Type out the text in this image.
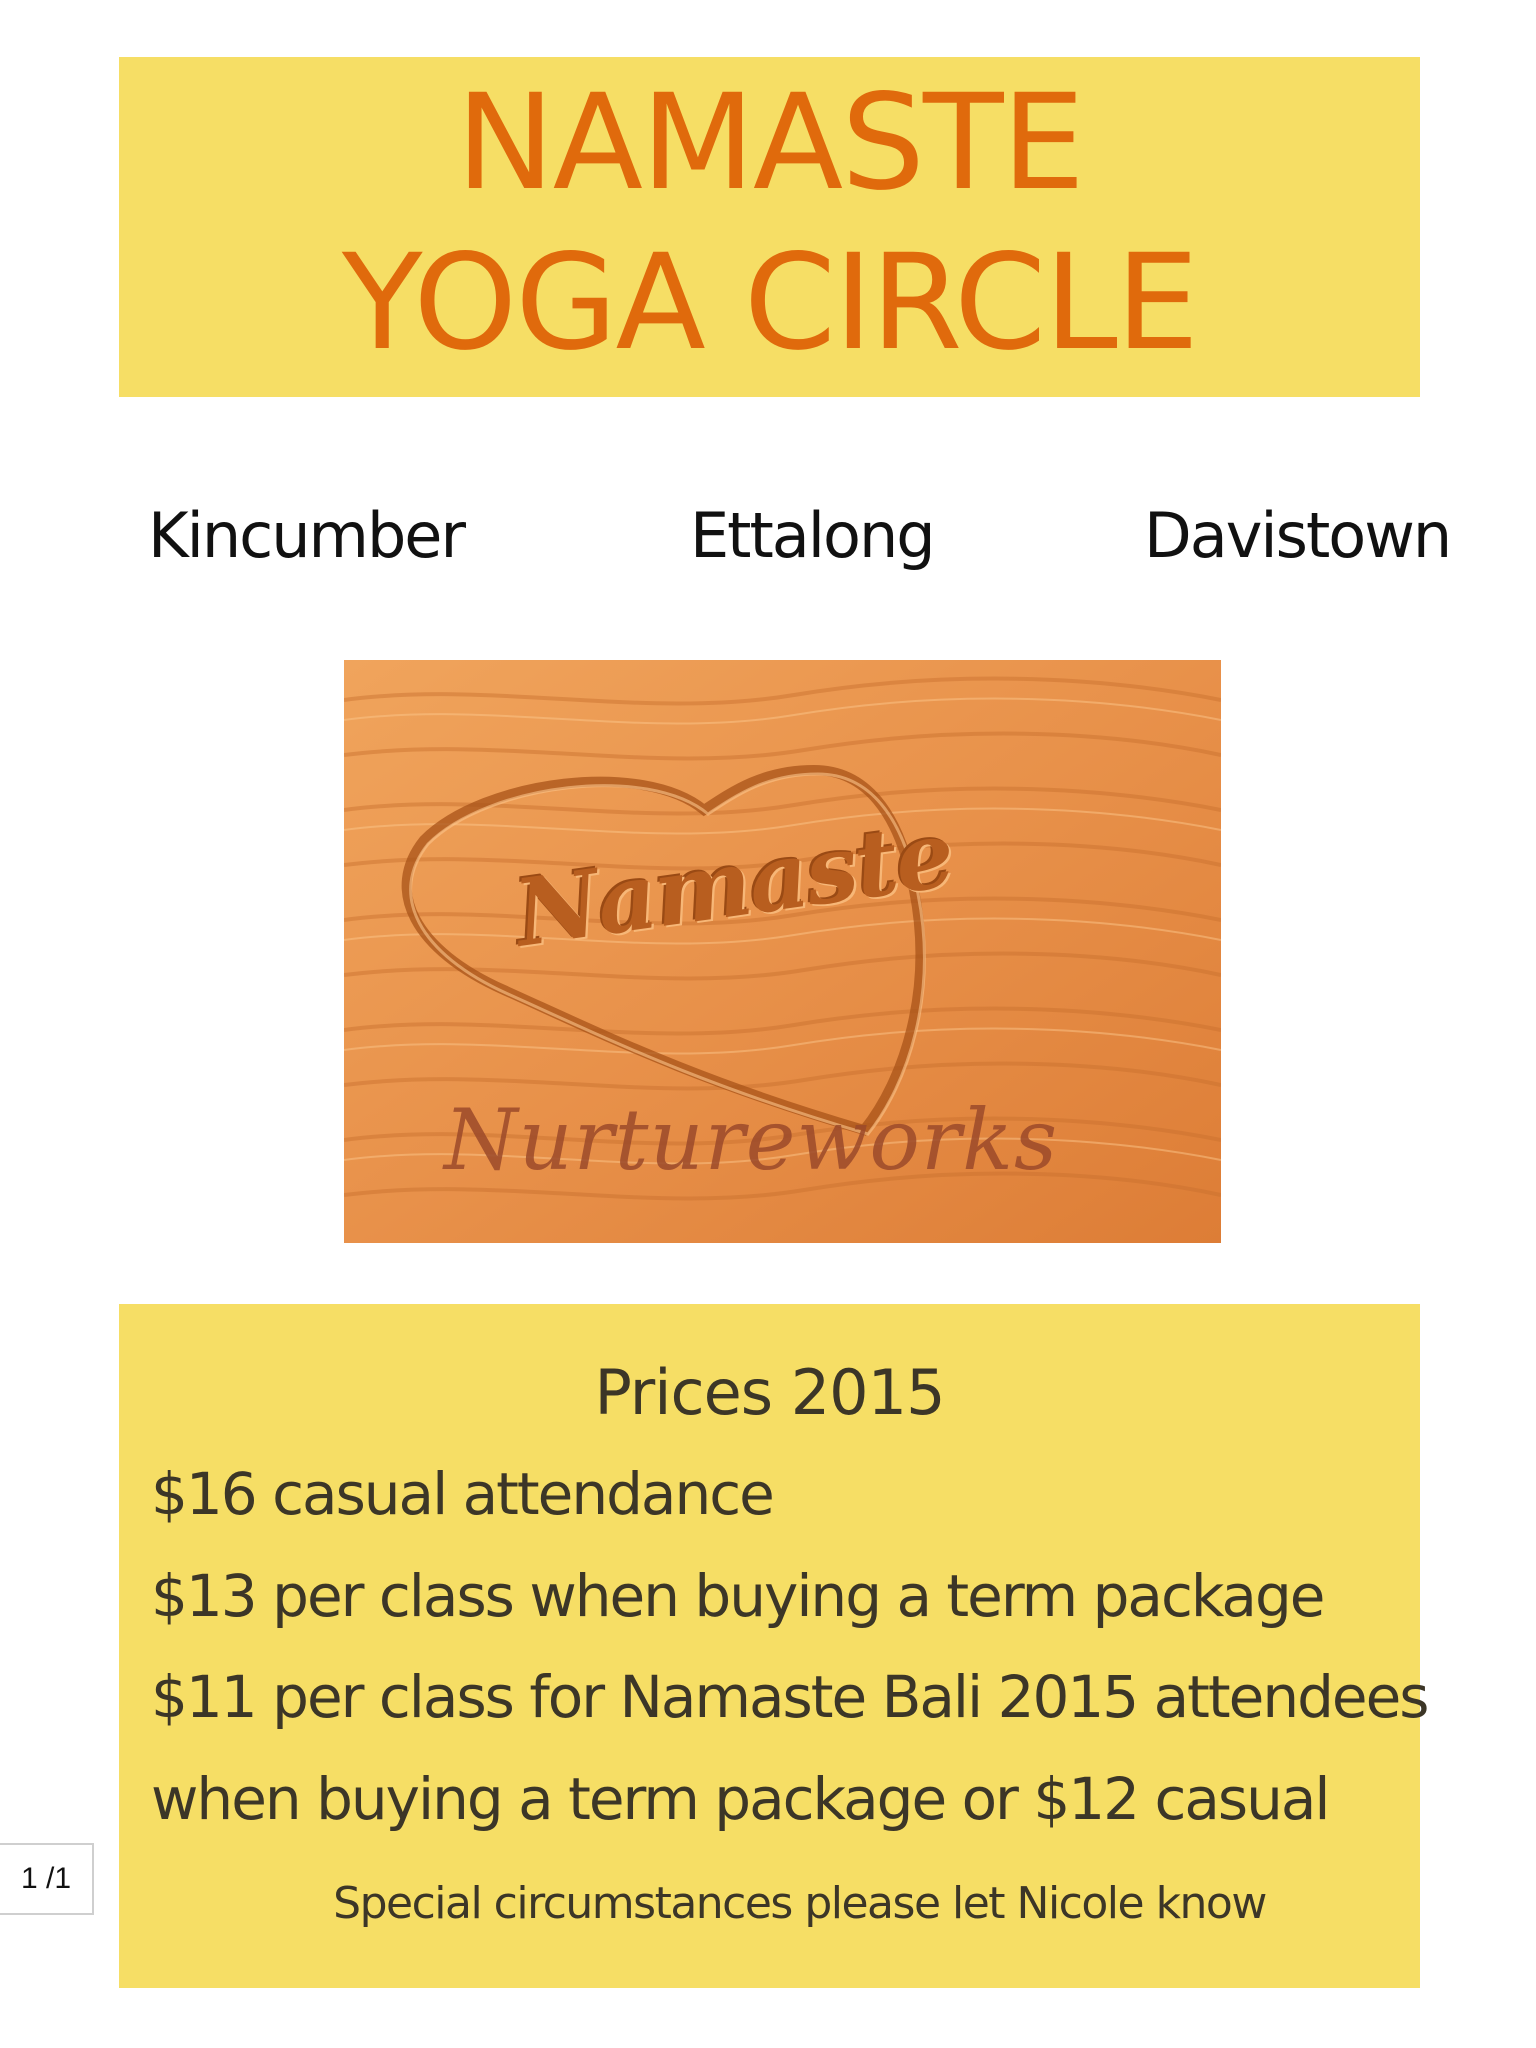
NAMASTE
YOGA CIRCLE
Kincumber	Ettalong	Davistown
Namaste
Nurtureworks
Prices 2015
$16 casual attendance
$13 per class when buying a term package
$11 per class for Namaste Bali 2015 attendees
when buying a term package or $12 casual
Special circumstances please let Nicole know
1 /1
